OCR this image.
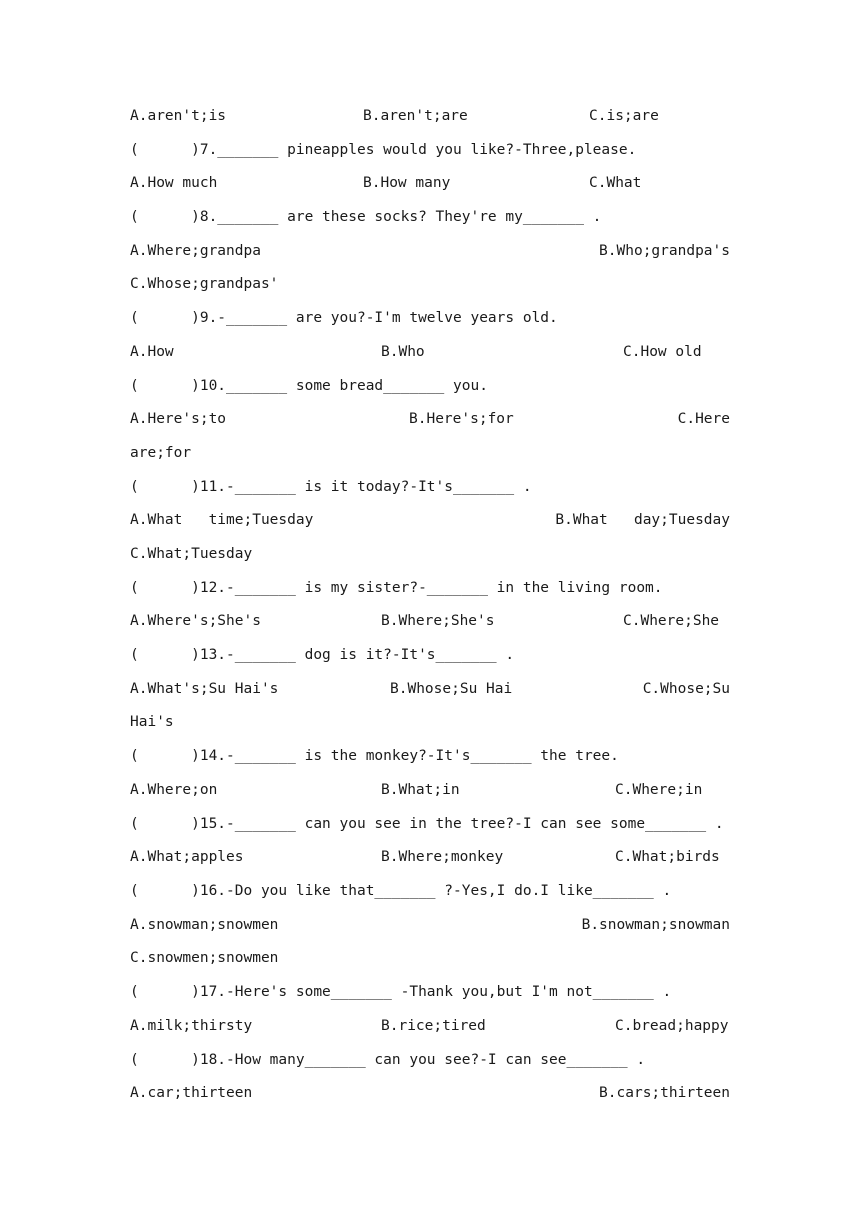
A.aren't;is

	B.aren't;are

	C.is;are

(      )7._______ pineapples would you like?-Three,please.

A.How much

	B.How many

	C.What

(      )8._______ are these socks? They're my_______ .

A.Where;grandpa

	B.Who;grandpa's

C.Whose;grandpas'

(      )9.-_______ are you?-I'm twelve years old.

A.How

	B.Who

	C.How old

(      )10._______ some bread_______ you.

A.Here's;to

	B.Here's;for

	C.Here

are;for

(      )11.-_______ is it today?-It's_______ .

A.What   time;Tuesday

	B.What   day;Tuesday

C.What;Tuesday

(      )12.-_______ is my sister?-_______ in the living room.

A.Where's;She's

	B.Where;She's

	C.Where;She

(      )13.-_______ dog is it?-It's_______ .

A.What's;Su Hai's

	B.Whose;Su Hai

	C.Whose;Su

Hai's

(      )14.-_______ is the monkey?-It's_______ the tree.

A.Where;on

	B.What;in

	C.Where;in

(      )15.-_______ can you see in the tree?-I can see some_______ .

A.What;apples

	B.Where;monkey

	C.What;birds

(      )16.-Do you like that_______ ?-Yes,I do.I like_______ .

A.snowman;snowmen

	B.snowman;snowman

C.snowmen;snowmen

(      )17.-Here's some_______ -Thank you,but I'm not_______ .

A.milk;thirsty

	B.rice;tired

	C.bread;happy

(      )18.-How many_______ can you see?-I can see_______ .

A.car;thirteen

	B.cars;thirteen
